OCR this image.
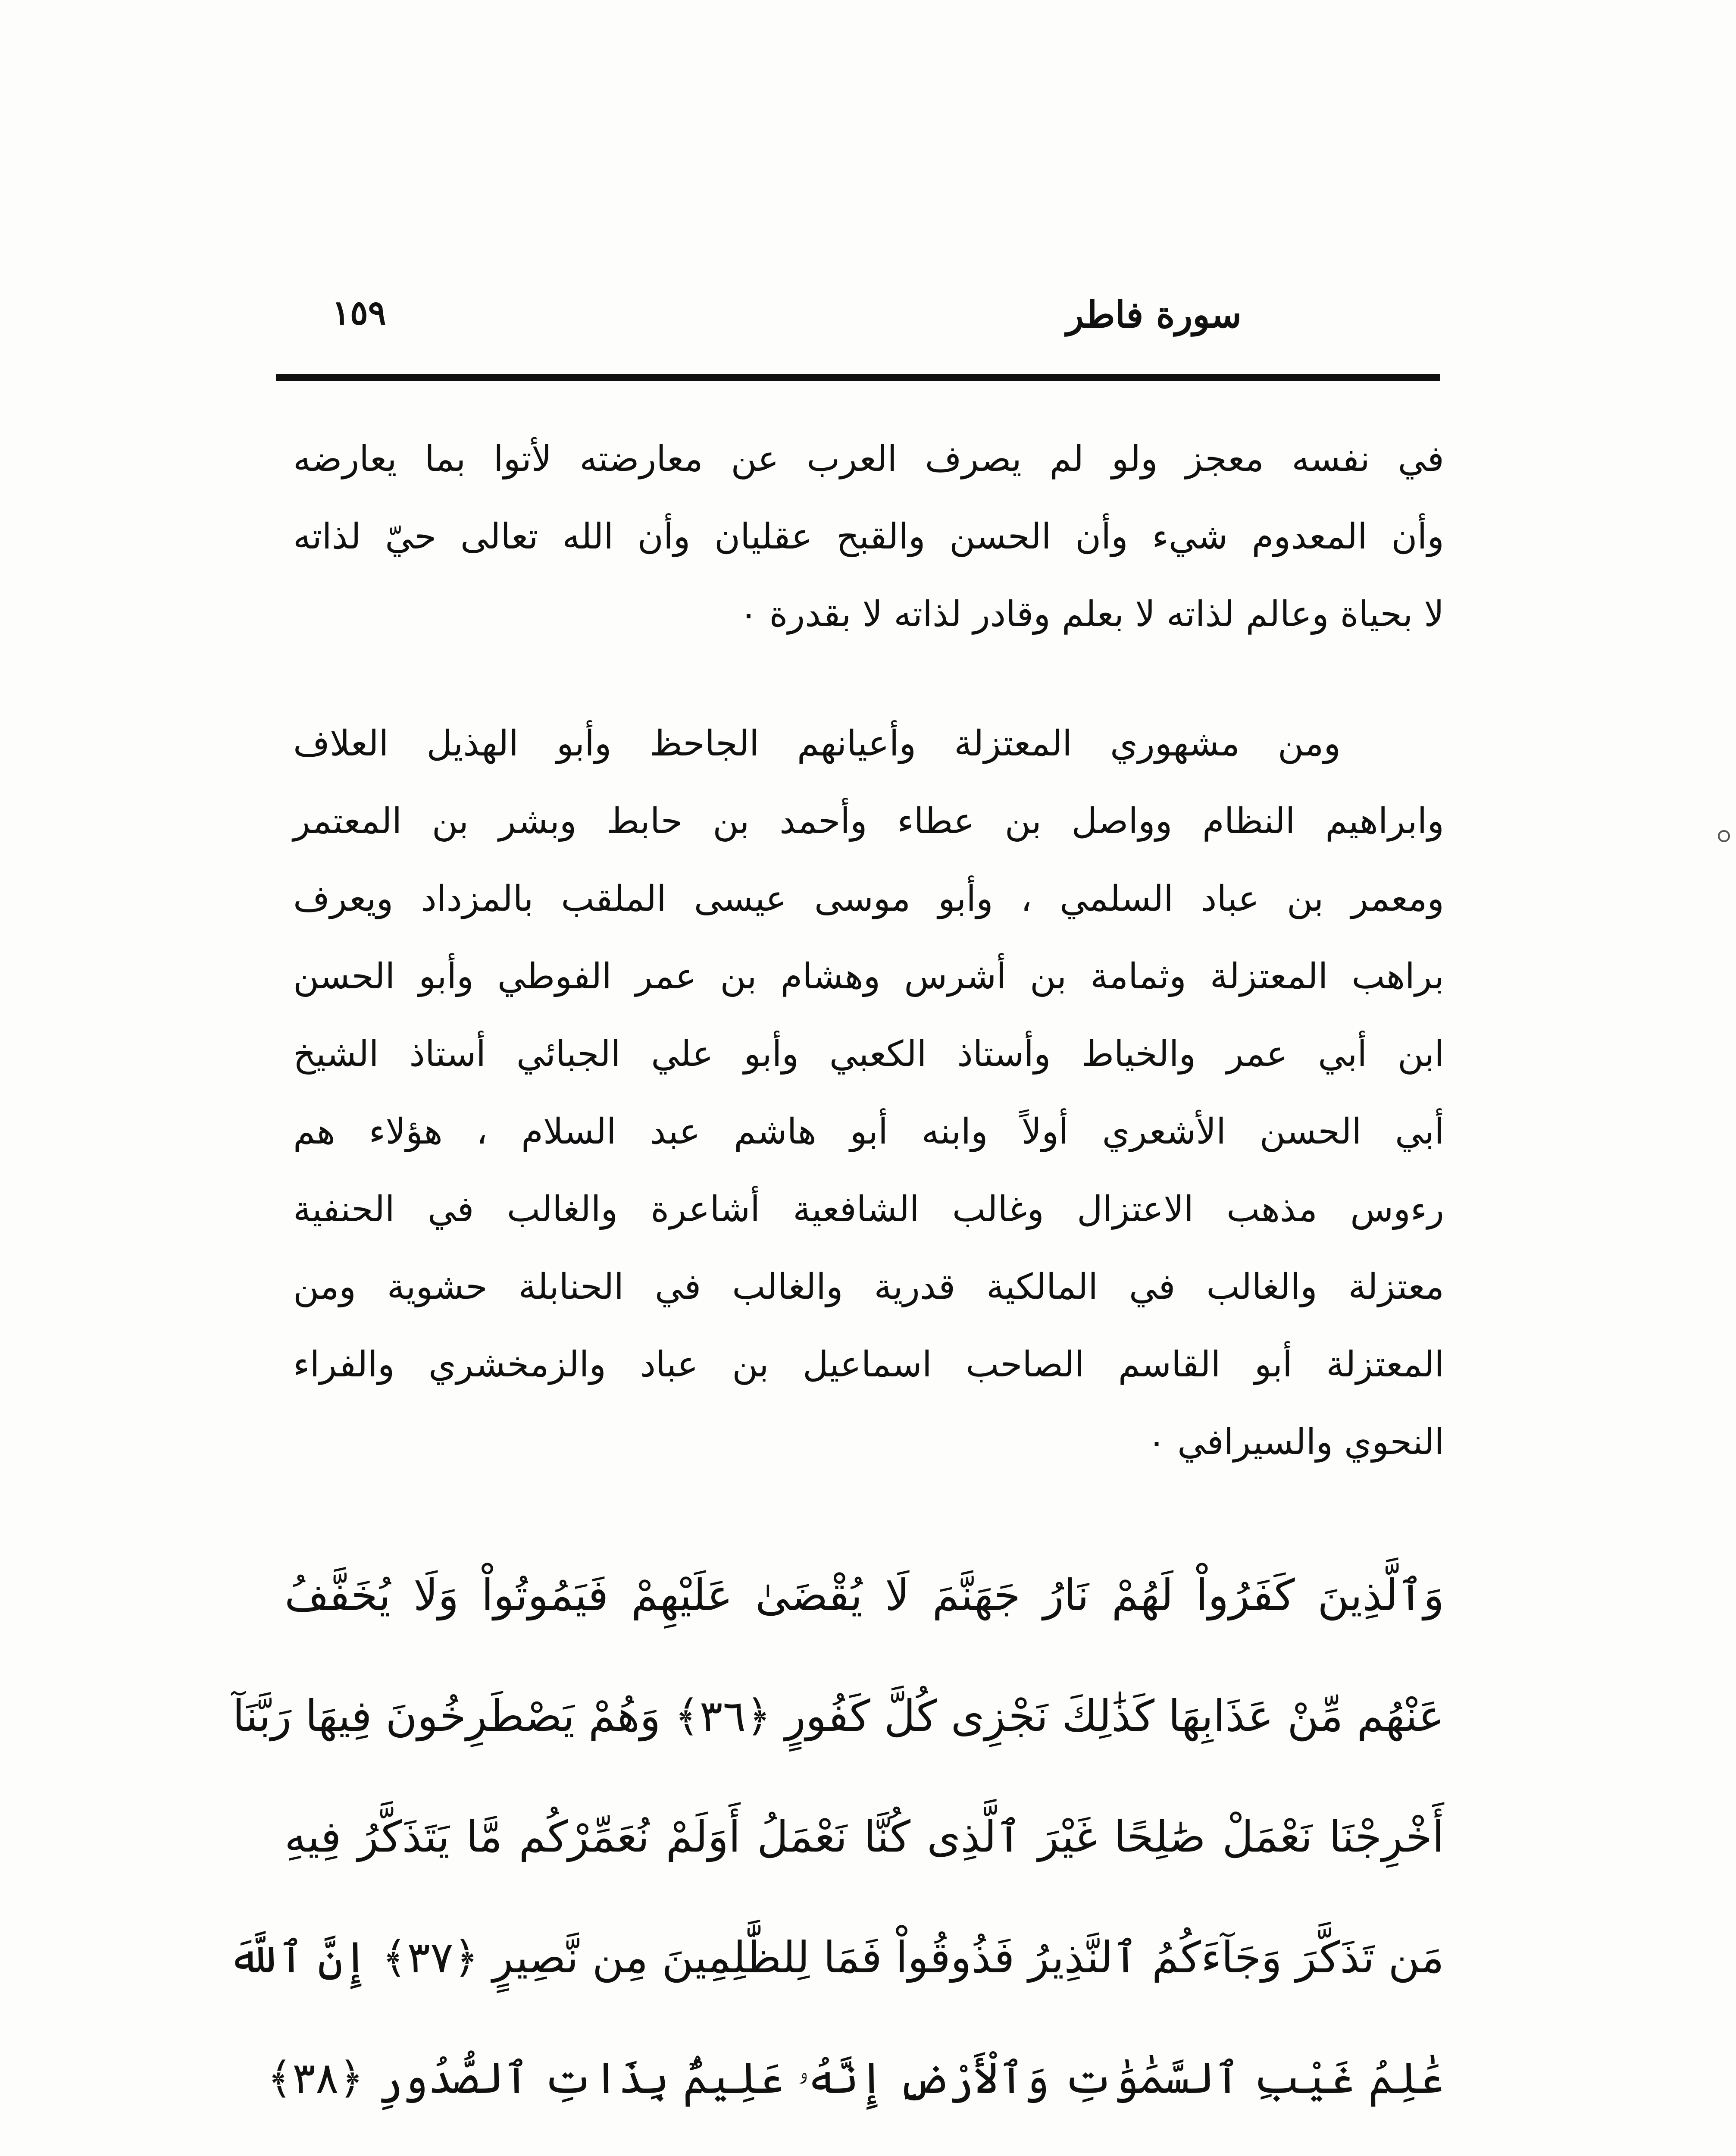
١٥٩	سورة فاطر
في نفسه معجز ولو لم يصرف العرب عن معارضته لأتوا بما يعارضه
وأن المعدوم شيء وأن الحسن والقبح عقليان وأن الله تعالى حيّ لذاته
لا بحياة وعالم لذاته لا بعلم وقادر لذاته لا بقدرة ٠
ومن مشهوري المعتزلة وأعيانهم الجاحظ وأبو الهذيل العلاف
وابراهيم النظام وواصل بن عطاء وأحمد بن حابط وبشر بن المعتمر
ومعمر بن عباد السلمي ، وأبو موسى عيسى الملقب بالمزداد ويعرف
براهب المعتزلة وثمامة بن أشرس وهشام بن عمر الفوطي وأبو الحسن
ابن أبي عمر والخياط وأستاذ الكعبي وأبو علي الجبائي أستاذ الشيخ
أبي الحسن الأشعري أولاً وابنه أبو هاشم عبد السلام ، هؤلاء هم
رءوس مذهب الاعتزال وغالب الشافعية أشاعرة والغالب في الحنفية
معتزلة والغالب في المالكية قدرية والغالب في الحنابلة حشوية ومن
المعتزلة أبو القاسم الصاحب اسماعيل بن عباد والزمخشري والفراء
النحوي والسيرافي ٠
وَٱلَّذِينَ كَفَرُواْ لَهُمْ نَارُ جَهَنَّمَ لَا يُقْضَىٰ عَلَيْهِمْ فَيَمُوتُواْ وَلَا يُخَفَّفُ
عَنْهُم مِّنْ عَذَابِهَا كَذَٰلِكَ نَجْزِى كُلَّ كَفُورٍ ﴿٣٦﴾ وَهُمْ يَصْطَرِخُونَ فِيهَا رَبَّنَآ
أَخْرِجْنَا نَعْمَلْ صَٰلِحًا غَيْرَ ٱلَّذِى كُنَّا نَعْمَلُ أَوَلَمْ نُعَمِّرْكُم مَّا يَتَذَكَّرُ فِيهِ
مَن تَذَكَّرَ وَجَآءَكُمُ ٱلنَّذِيرُ فَذُوقُواْ فَمَا لِلظَّٰلِمِينَ مِن نَّصِيرٍ ﴿٣٧﴾ إِنَّ ٱللَّهَ
عَٰلِمُ غَيْبِ ٱلسَّمَٰوَٰتِ وَٱلْأَرْضِ إِنَّهُۥ عَلِيمٌۢ بِذَاتِ ٱلصُّدُورِ ﴿٣٨﴾
